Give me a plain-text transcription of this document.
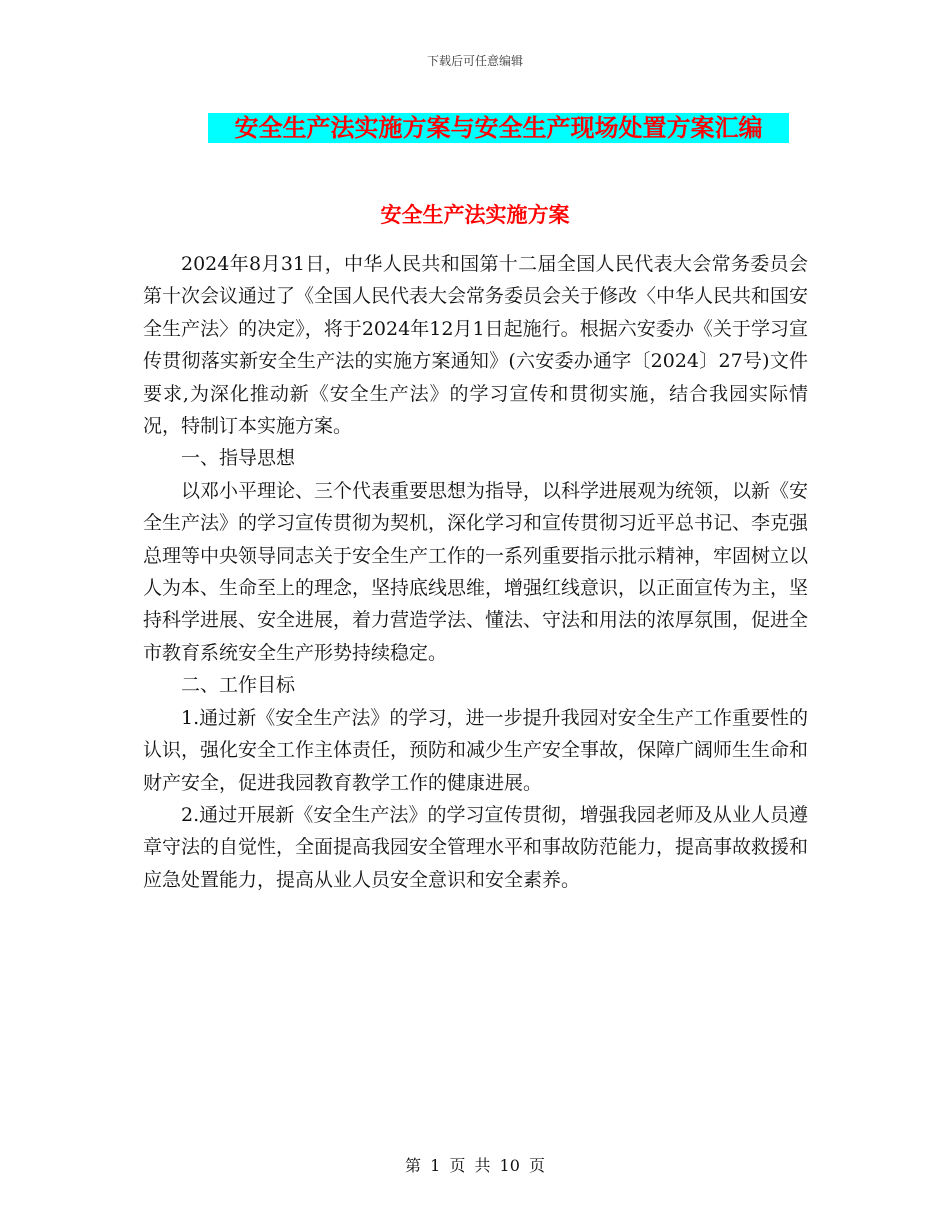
下载后可任意编辑
安全生产法实施方案与安全生产现场处置方案汇编
安全生产法实施方案

2024年8月31日，中华人民共和国第十二届全国人民代表大会常务委员会第十次会议通过了《全国人民代表大会常务委员会关于修改〈中华人民共和国安全生产法〉的决定》，将于2024年12月1日起施行。根据六安委办《关于学习宣传贯彻落实新安全生产法的实施方案通知》(六安委办通字〔2024〕27号)文件要求,为深化推动新《安全生产法》的学习宣传和贯彻实施，结合我园实际情况，特制订本实施方案。

一、指导思想

以邓小平理论、三个代表重要思想为指导，以科学进展观为统领，以新《安全生产法》的学习宣传贯彻为契机，深化学习和宣传贯彻习近平总书记、李克强总理等中央领导同志关于安全生产工作的一系列重要指示批示精神，牢固树立以人为本、生命至上的理念，坚持底线思维，增强红线意识，以正面宣传为主，坚持科学进展、安全进展，着力营造学法、懂法、守法和用法的浓厚氛围，促进全市教育系统安全生产形势持续稳定。

二、工作目标

1.通过新《安全生产法》的学习，进一步提升我园对安全生产工作重要性的认识，强化安全工作主体责任，预防和减少生产安全事故，保障广阔师生生命和财产安全，促进我园教育教学工作的健康进展。

2.通过开展新《安全生产法》的学习宣传贯彻，增强我园老师及从业人员遵章守法的自觉性，全面提高我园安全管理水平和事故防范能力，提高事故救援和应急处置能力，提高从业人员安全意识和安全素养。

第 1 页 共 10 页
